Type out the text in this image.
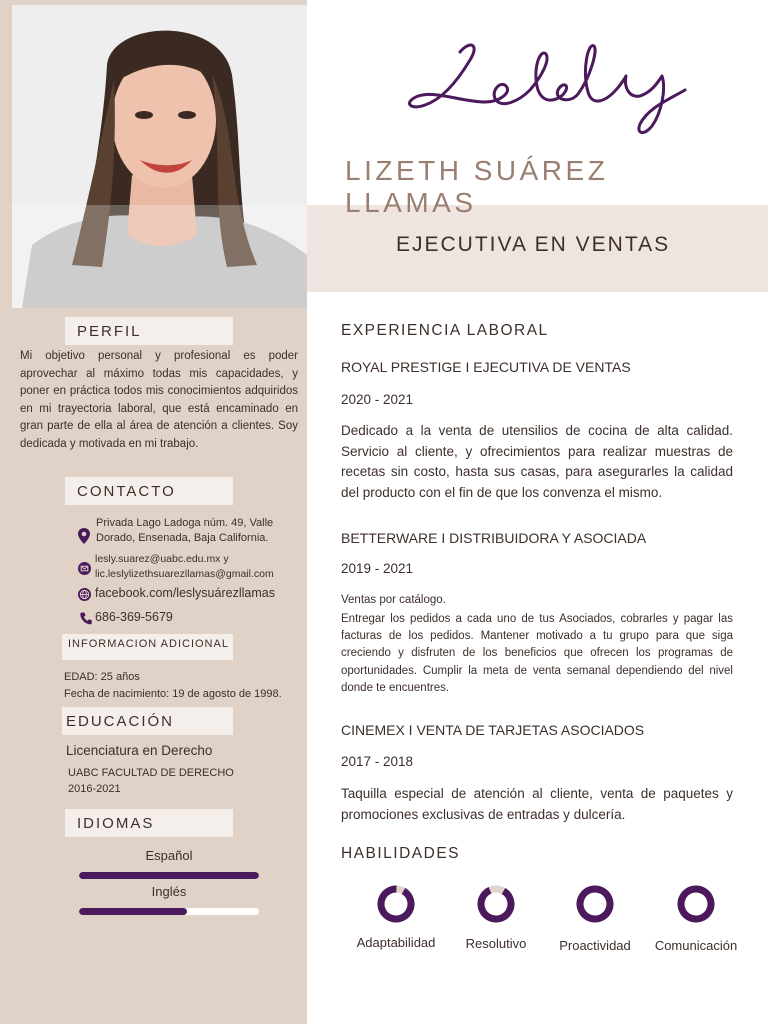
PERFIL

Mi objetivo personal y profesional es poder aprovechar al máximo todas mis capacidades, y poner en práctica todos mis conocimientos adquiridos en mi trayectoria laboral, que está encaminado en gran parte de ella al área de atención a clientes. Soy dedicada y motivada en mi trabajo.

CONTACTO

Privada Lago Ladoga núm. 49, Valle Dorado, Ensenada, Baja California.

lesly.suarez@uabc.edu.mx y lic.leslylizethsuarezllamas@gmail.com

facebook.com/leslysuárezllamas

686-369-5679

INFORMACION ADICIONAL

EDAD: 25 años

Fecha de nacimiento: 19 de agosto de 1998.

EDUCACIÓN

Licenciatura en Derecho

UABC FACULTAD DE DERECHO

2016-2021

IDIOMAS

Español

Inglés

LIZETH SUÁREZ LLAMAS

EJECUTIVA EN VENTAS

EXPERIENCIA LABORAL

ROYAL PRESTIGE I EJECUTIVA DE VENTAS

2020 - 2021

Dedicado a la venta de utensilios de cocina de alta calidad. Servicio al cliente, y ofrecimientos para realizar muestras de recetas sin costo, hasta sus casas, para asegurarles la calidad del producto con el fin de que los convenza el mismo.

BETTERWARE I DISTRIBUIDORA Y ASOCIADA

2019 - 2021

Ventas por catálogo.

Entregar los pedidos a cada uno de tus Asociados, cobrarles y pagar las facturas de los pedidos. Mantener motivado a tu grupo para que siga creciendo y disfruten de los beneficios que ofrecen los programas de oportunidades. Cumplir la meta de venta semanal dependiendo del nivel donde te encuentres.

CINEMEX I VENTA DE TARJETAS ASOCIADOS

2017 - 2018

Taquilla especial de atención al cliente, venta de paquetes y promociones exclusivas de entradas y dulcería.

HABILIDADES

Adaptabilidad	Resolutivo	Proactividad	Comunicación
